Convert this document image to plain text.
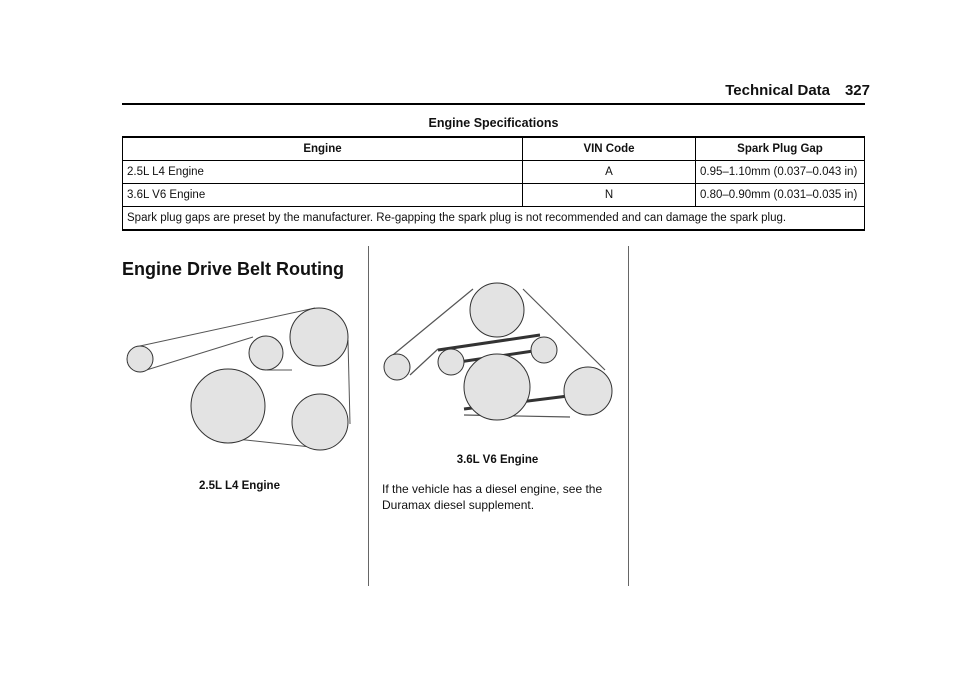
Technical Data 327
Engine Specifications
Engine	VIN Code	Spark Plug Gap
2.5L L4 Engine	A	0.95–1.10mm (0.037–0.043 in)
3.6L V6 Engine	N	0.80–0.90mm (0.031–0.035 in)
Spark plug gaps are preset by the manufacturer. Re-gapping the spark plug is not recommended and can damage the spark plug.		
Engine Drive Belt Routing
2.5L L4 Engine
3.6L V6 Engine
If the vehicle has a diesel engine, see the Duramax diesel supplement.
